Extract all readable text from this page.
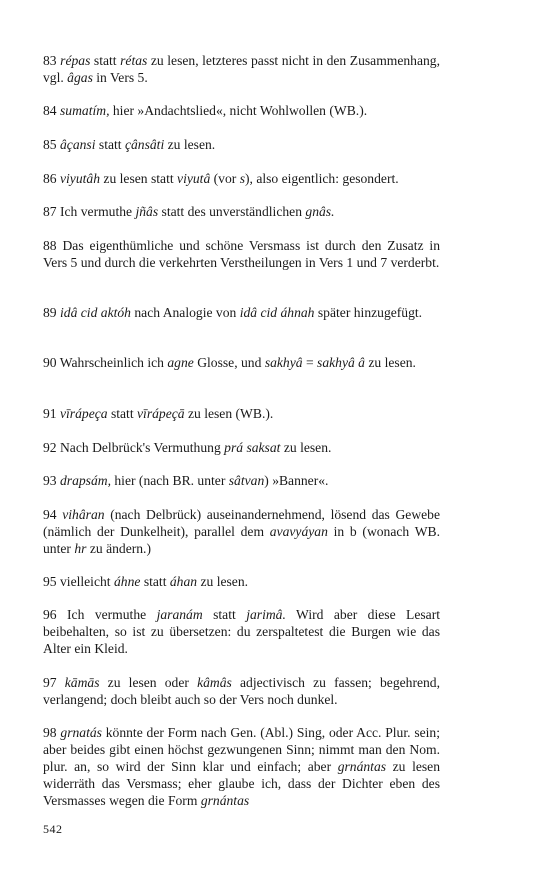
83 répas statt rétas zu lesen, letzteres passt nicht in den Zusammenhang, vgl. âgas in Vers 5.

84 sumatím, hier »Andachtslied«, nicht Wohlwollen (WB.).

85 âçansi statt çânsâti zu lesen.

86 viyutâh zu lesen statt viyutâ (vor s), also eigentlich: gesondert.

87 Ich vermuthe jñâs statt des unverständlichen gnâs.

88 Das eigenthümliche und schöne Versmass ist durch den Zusatz in Vers 5 und durch die verkehrten Verstheilungen in Vers 1 und 7 verderbt.

89 idâ cid aktóh nach Analogie von idâ cid áhnah später hinzugefügt.

90 Wahrscheinlich ich agne Glosse, und sakhyâ = sakhyâ â zu lesen.

91 vīrápeça statt vīrápeçā zu lesen (WB.).

92 Nach Delbrück's Vermuthung prá saksat zu lesen.

93 drapsám, hier (nach BR. unter sâtvan) »Banner«.

94 vihâran (nach Delbrück) auseinandernehmend, lösend das Gewebe (nämlich der Dunkelheit), parallel dem avavyáyan in b (wonach WB. unter hr zu ändern.)

95 vielleicht áhne statt áhan zu lesen.

96 Ich vermuthe jaranám statt jarimâ. Wird aber diese Lesart beibehalten, so ist zu übersetzen: du zerspaltetest die Burgen wie das Alter ein Kleid.

97 kāmās zu lesen oder kâmâs adjectivisch zu fassen; begehrend, verlangend; doch bleibt auch so der Vers noch dunkel.

98 grnatás könnte der Form nach Gen. (Abl.) Sing, oder Acc. Plur. sein; aber beides gibt einen höchst gezwungenen Sinn; nimmt man den Nom. plur. an, so wird der Sinn klar und einfach; aber grnántas zu lesen widerräth das Versmass; eher glaube ich, dass der Dichter eben des Versmasses wegen die Form grnántas

542
